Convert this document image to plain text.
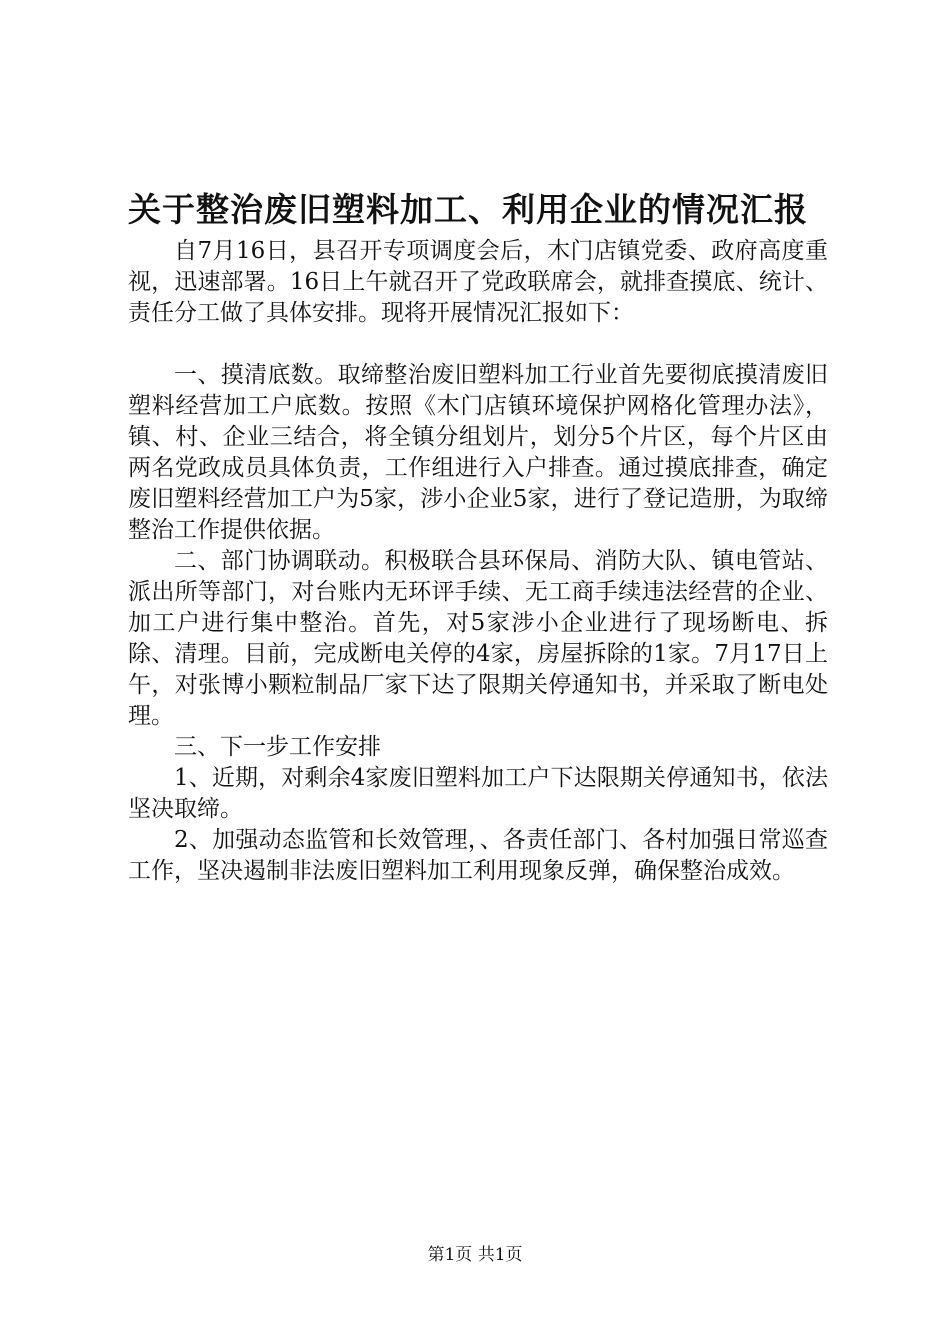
关于整治废旧塑料加工、利用企业的情况汇报

自7月16日，县召开专项调度会后，木门店镇党委、政府高度重视，迅速部署。16日上午就召开了党政联席会，就排查摸底、统计、责任分工做了具体安排。现将开展情况汇报如下：

一、摸清底数。取缔整治废旧塑料加工行业首先要彻底摸清废旧塑料经营加工户底数。按照《木门店镇环境保护网格化管理办法》，镇、村、企业三结合，将全镇分组划片，划分5个片区，每个片区由两名党政成员具体负责，工作组进行入户排查。通过摸底排查，确定废旧塑料经营加工户为5家，涉小企业5家，进行了登记造册，为取缔整治工作提供依据。

二、部门协调联动。积极联合县环保局、消防大队、镇电管站、派出所等部门，对台账内无环评手续、无工商手续违法经营的企业、加工户进行集中整治。首先，对5家涉小企业进行了现场断电、拆除、清理。目前，完成断电关停的4家，房屋拆除的1家。7月17日上午，对张博小颗粒制品厂家下达了限期关停通知书，并采取了断电处理。

三、下一步工作安排

1、近期，对剩余4家废旧塑料加工户下达限期关停通知书，依法坚决取缔。

2、加强动态监管和长效管理，、各责任部门、各村加强日常巡查工作，坚决遏制非法废旧塑料加工利用现象反弹，确保整治成效。

第1页 共1页
